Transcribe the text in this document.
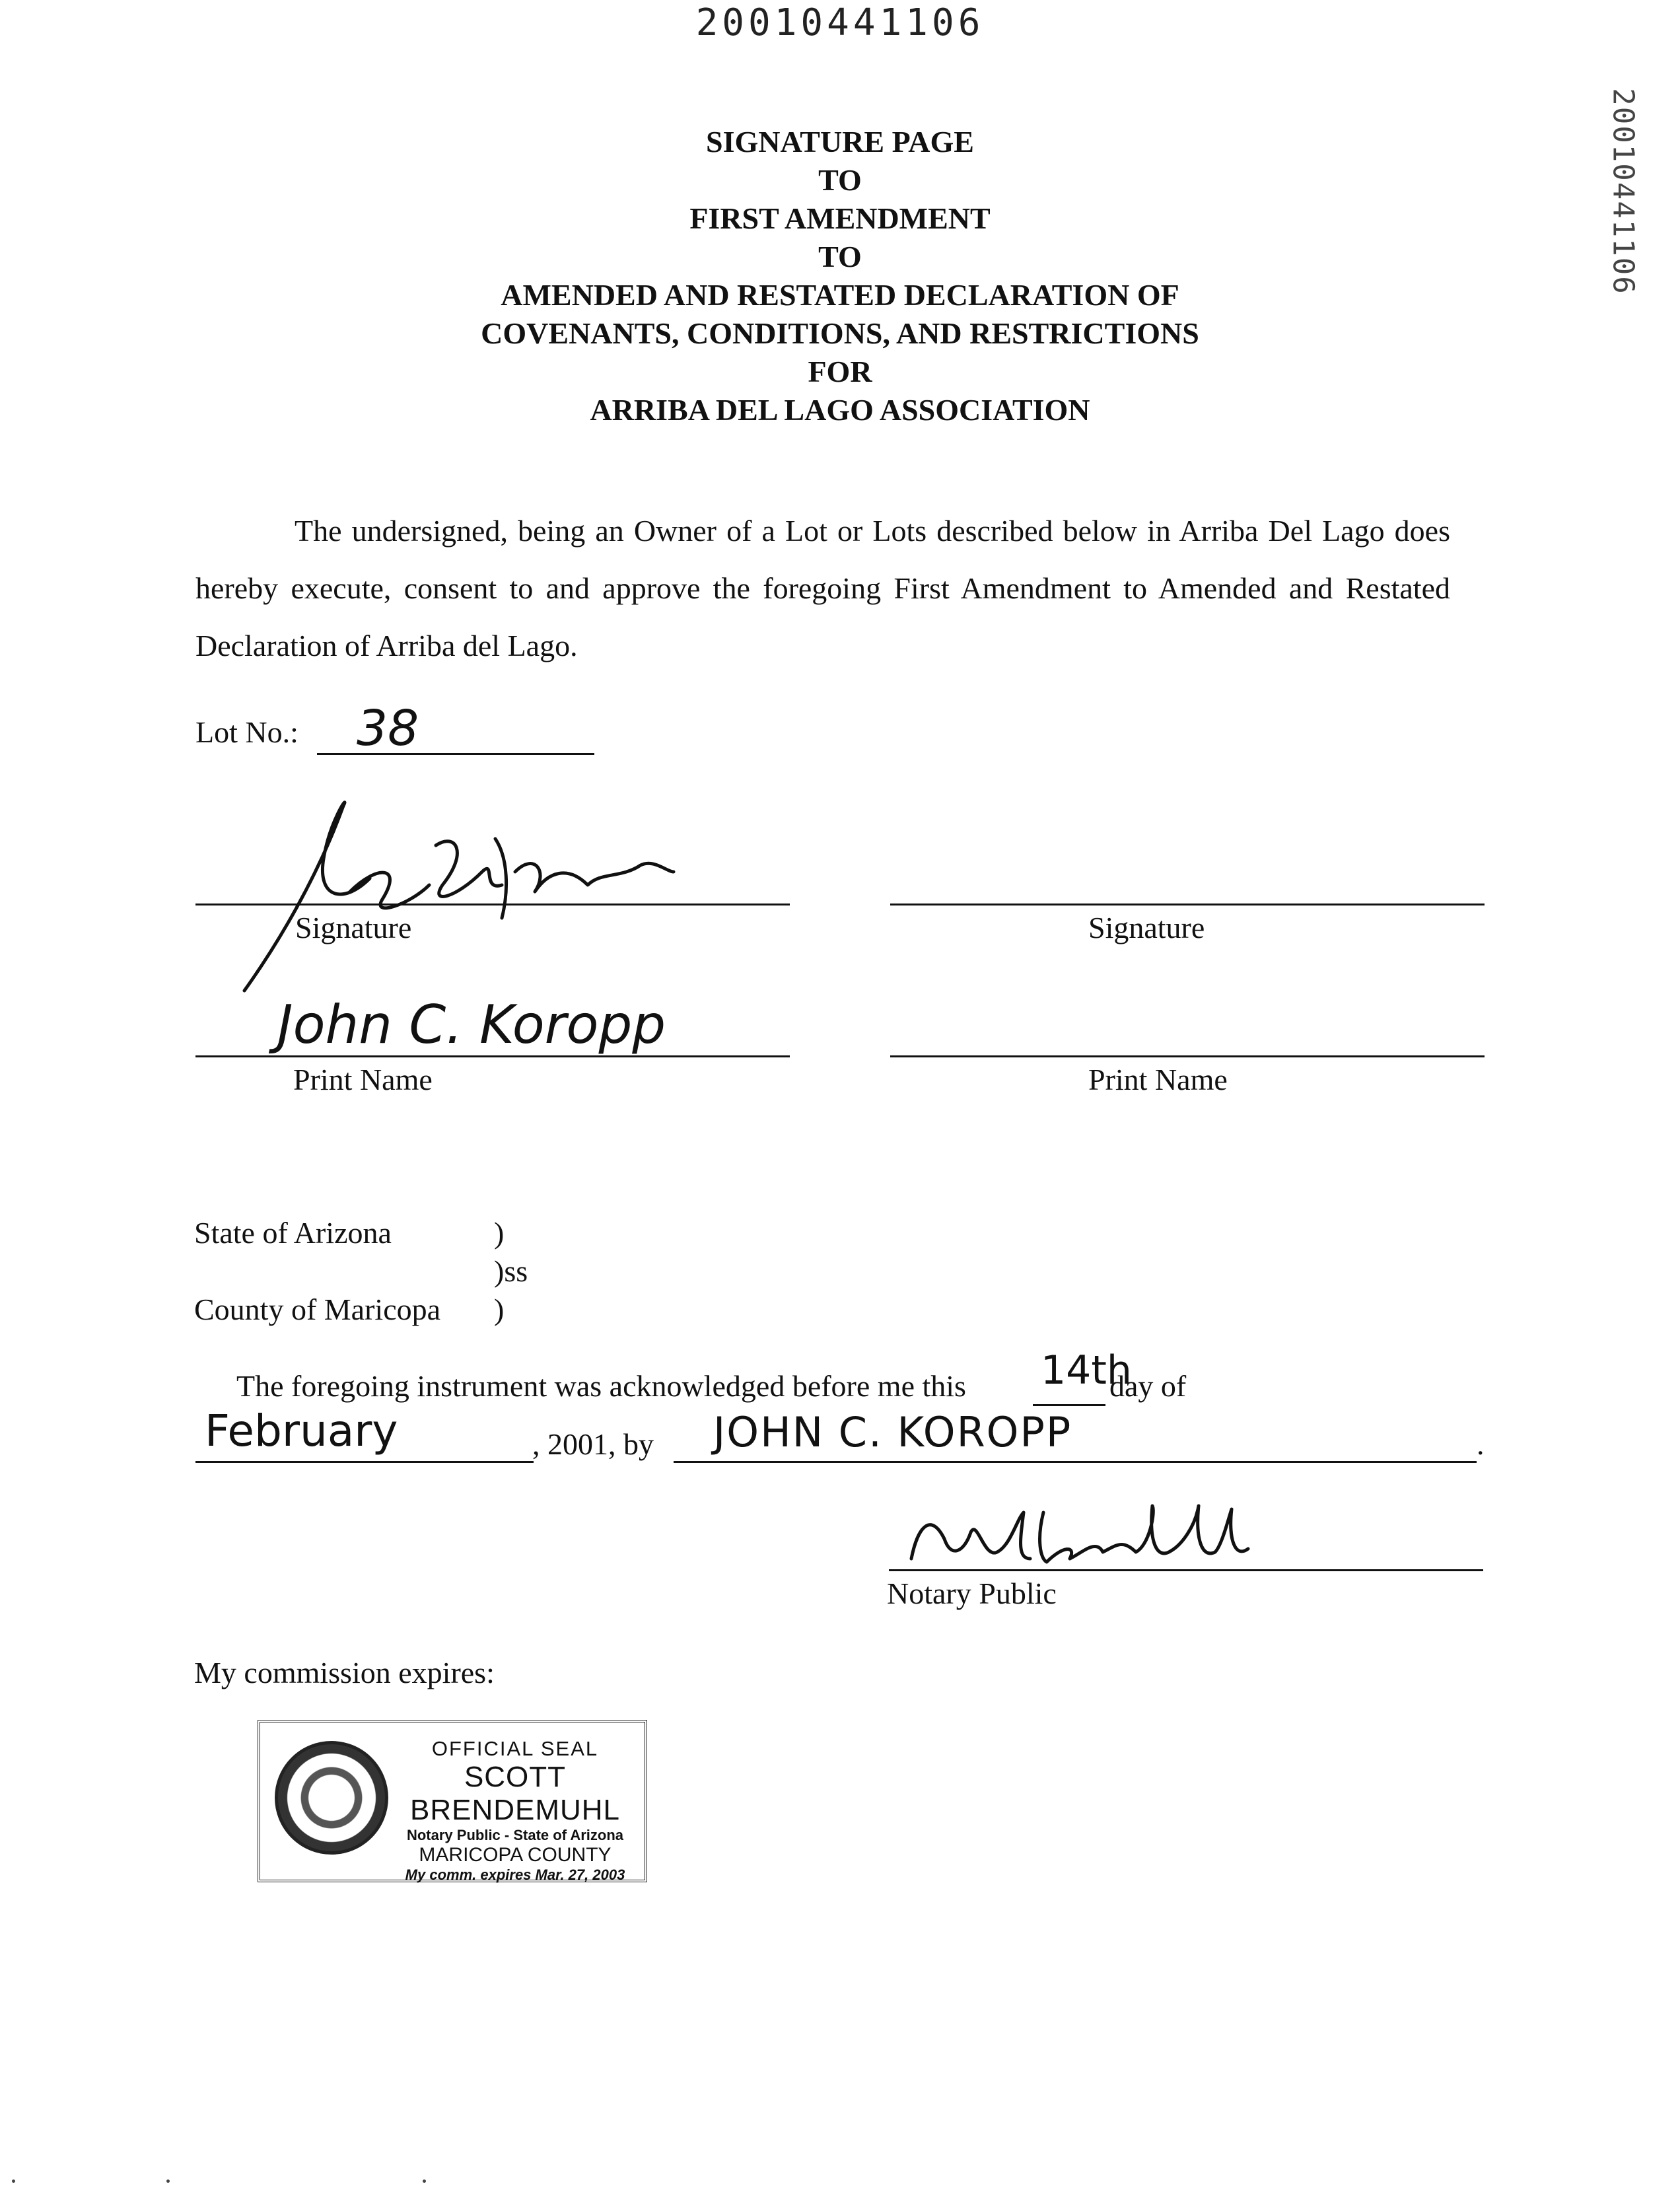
20010441106
20010441106
SIGNATURE PAGE
TO
FIRST AMENDMENT
TO
AMENDED AND RESTATED DECLARATION OF
COVENANTS, CONDITIONS, AND RESTRICTIONS
FOR
ARRIBA DEL LAGO ASSOCIATION
The undersigned, being an Owner of a Lot or Lots described below in Arriba Del Lago does hereby execute, consent to and approve the foregoing First Amendment to Amended and Restated Declaration of Arriba del Lago.
Lot No.: 38
Signature	Signature
John C. Koropp
Print Name	Print Name
State of Arizona	)
)ss
County of Maricopa )
The foregoing instrument was acknowledged before me this 14th
day of
February	, 2001, by JOHN C. KOROPP	.
Notary Public
My commission expires:
OFFICIAL SEAL
SCOTT BRENDEMUHL
Notary Public - State of Arizona
MARICOPA COUNTY
My comm. expires Mar. 27, 2003
